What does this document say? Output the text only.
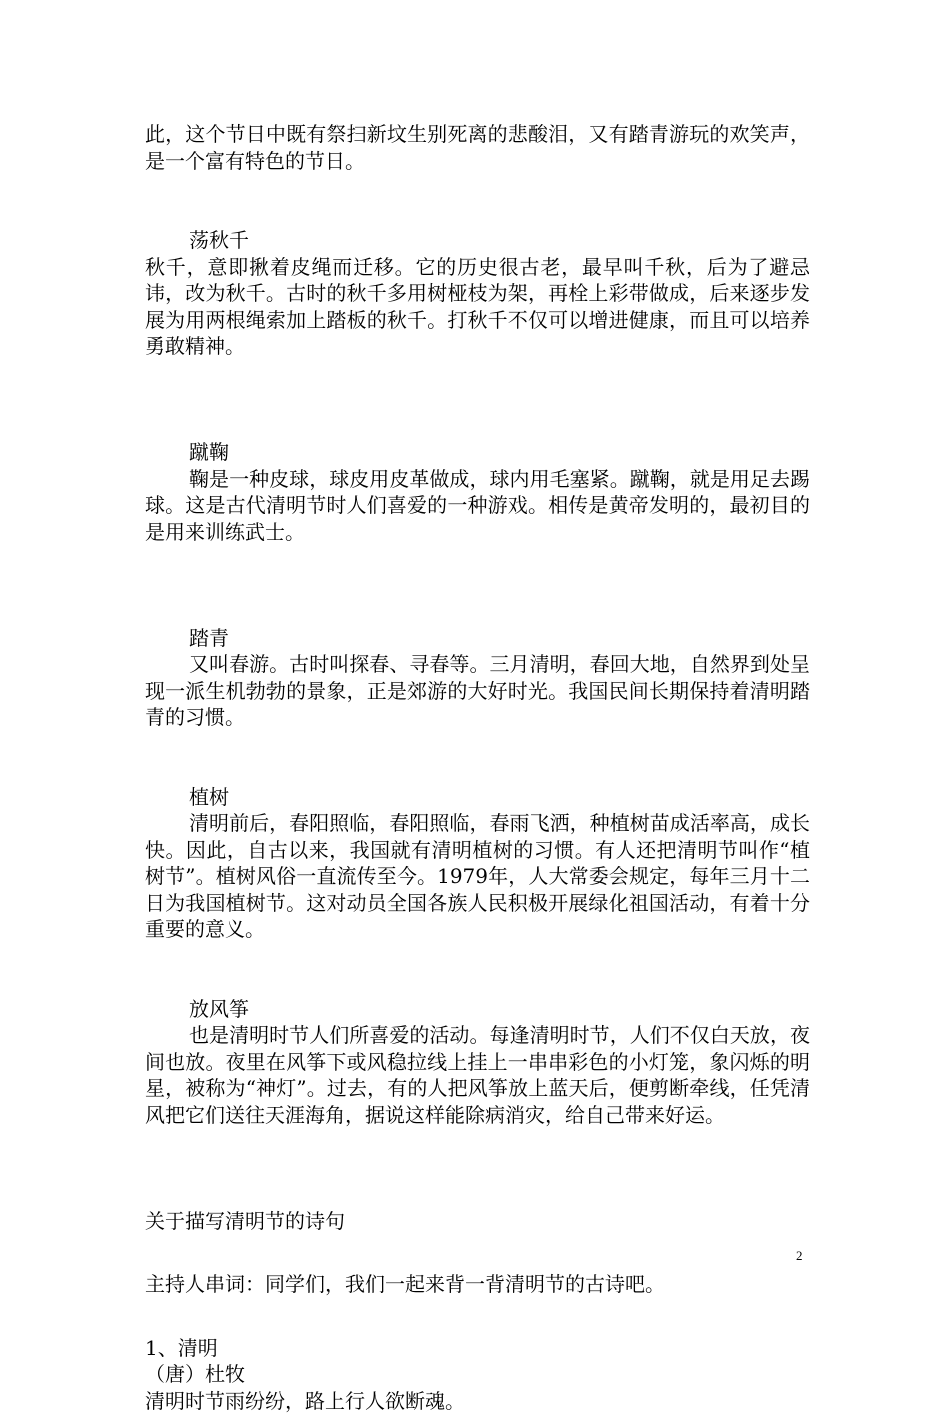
此，这个节日中既有祭扫新坟生别死离的悲酸泪，又有踏青游玩的欢笑声，是一个富有特色的节日。

荡秋千

秋千，意即揪着皮绳而迁移。它的历史很古老，最早叫千秋，后为了避忌讳，改为秋千。古时的秋千多用树桠枝为架，再栓上彩带做成，后来逐步发展为用两根绳索加上踏板的秋千。打秋千不仅可以增进健康，而且可以培养勇敢精神。

蹴鞠

鞠是一种皮球，球皮用皮革做成，球内用毛塞紧。蹴鞠，就是用足去踢球。这是古代清明节时人们喜爱的一种游戏。相传是黄帝发明的，最初目的是用来训练武士。

踏青

又叫春游。古时叫探春、寻春等。三月清明，春回大地，自然界到处呈现一派生机勃勃的景象，正是郊游的大好时光。我国民间长期保持着清明踏青的习惯。

植树

清明前后，春阳照临，春阳照临，春雨飞洒，种植树苗成活率高，成长快。因此，自古以来，我国就有清明植树的习惯。有人还把清明节叫作“植树节”。植树风俗一直流传至今。1979年，人大常委会规定，每年三月十二日为我国植树节。这对动员全国各族人民积极开展绿化祖国活动，有着十分重要的意义。

放风筝

也是清明时节人们所喜爱的活动。每逢清明时节，人们不仅白天放，夜间也放。夜里在风筝下或风稳拉线上挂上一串串彩色的小灯笼，象闪烁的明星，被称为“神灯”。过去，有的人把风筝放上蓝天后，便剪断牵线，任凭清风把它们送往天涯海角，据说这样能除病消灾，给自己带来好运。

关于描写清明节的诗句

主持人串词：同学们，我们一起来背一背清明节的古诗吧。

1、清明

（唐）杜牧

清明时节雨纷纷，路上行人欲断魂。

2
